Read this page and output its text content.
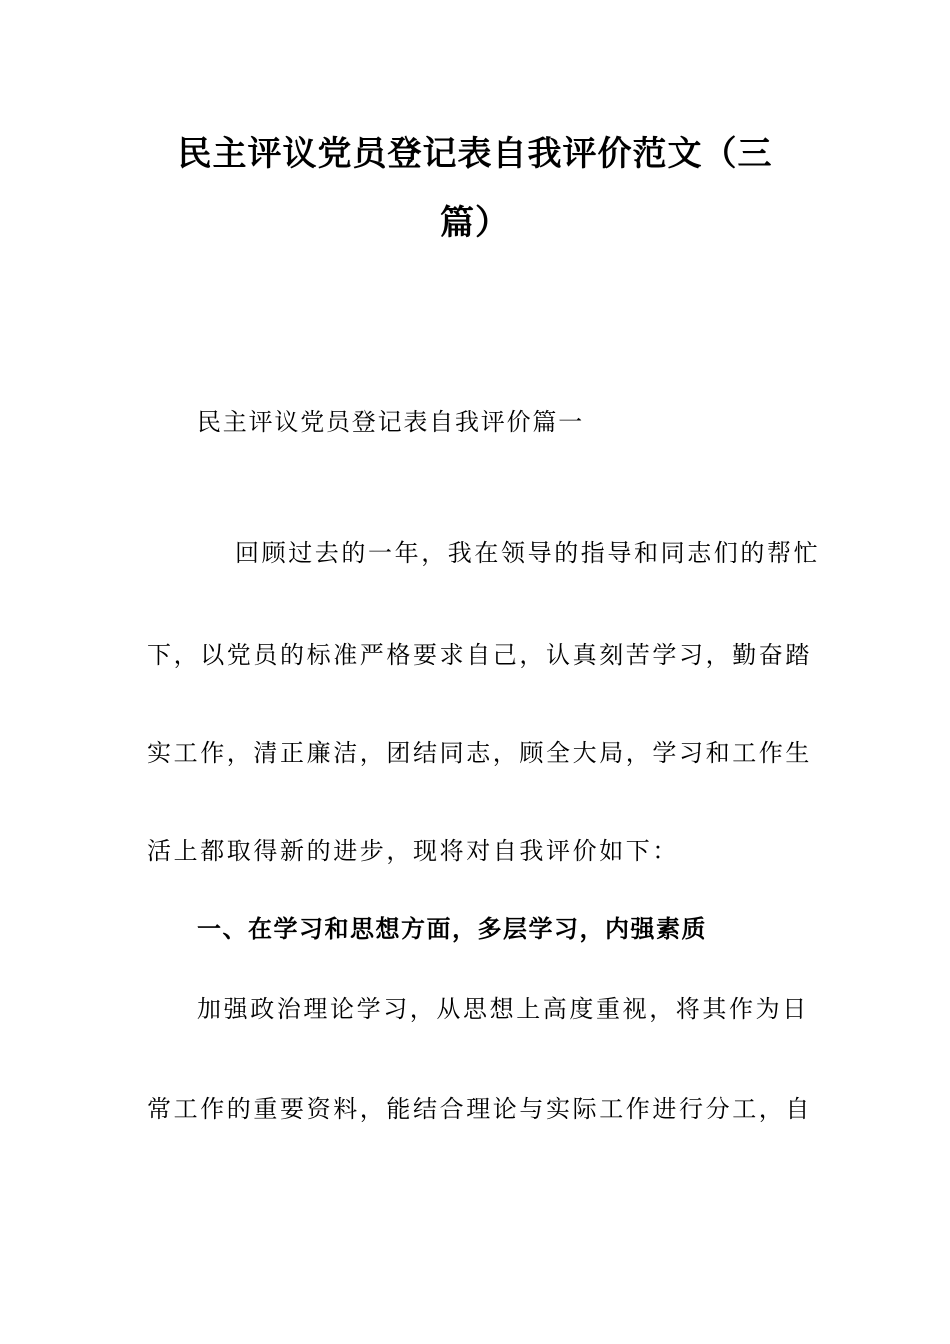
民主评议党员登记表自我评价范文（三
篇）
民主评议党员登记表自我评价篇一
回顾过去的一年，我在领导的指导和同志们的帮忙
下，以党员的标准严格要求自己，认真刻苦学习，勤奋踏
实工作，清正廉洁，团结同志，顾全大局，学习和工作生
活上都取得新的进步，现将对自我评价如下：
一、在学习和思想方面，多层学习，内强素质
加强政治理论学习，从思想上高度重视，将其作为日
常工作的重要资料，能结合理论与实际工作进行分工，自
